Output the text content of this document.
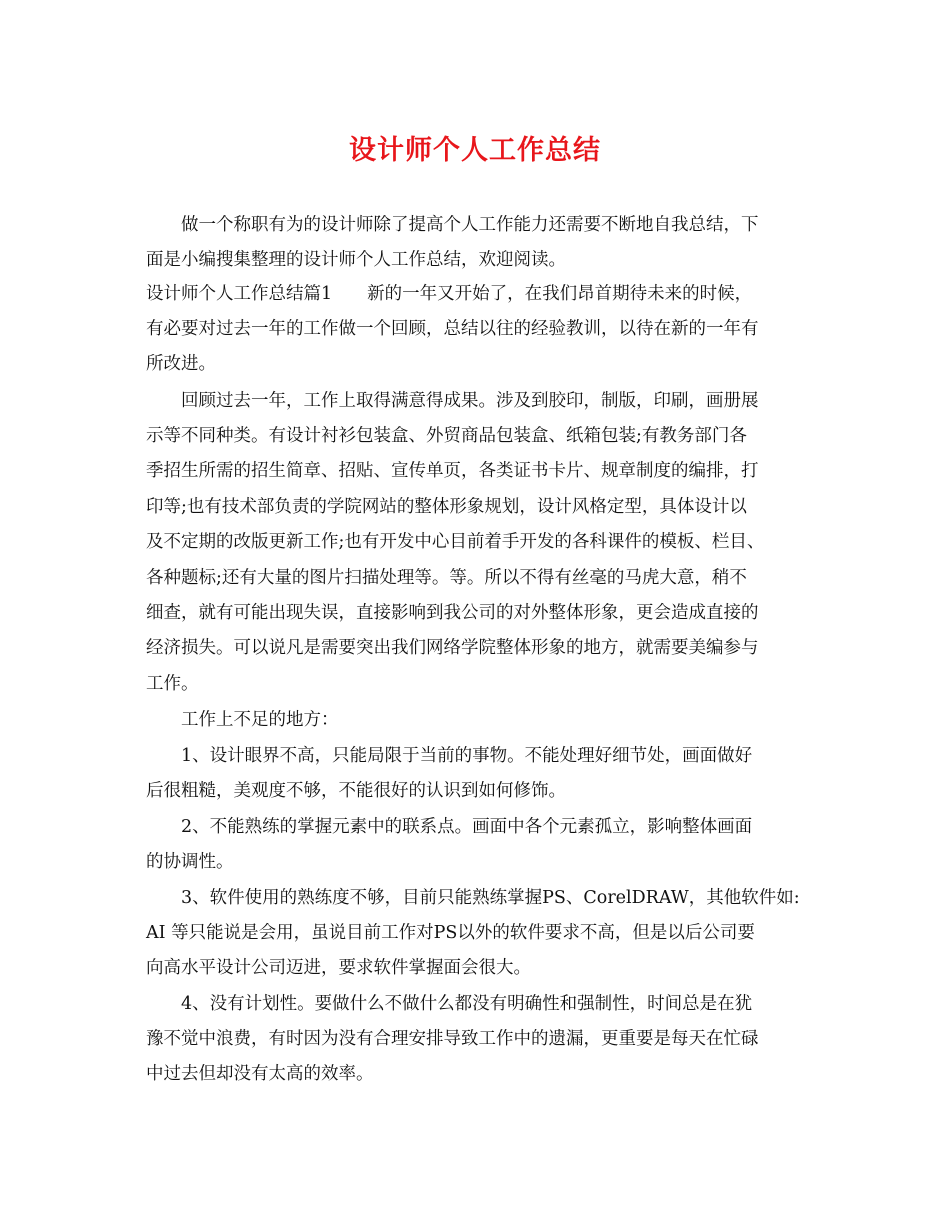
设计师个人工作总结
　　做一个称职有为的设计师除了提高个人工作能力还需要不断地自我总结，下
面是小编搜集整理的设计师个人工作总结，欢迎阅读。
设计师个人工作总结篇1　　新的一年又开始了，在我们昂首期待未来的时候，
有必要对过去一年的工作做一个回顾，总结以往的经验教训，以待在新的一年有
所改进。
　　回顾过去一年，工作上取得满意得成果。涉及到胶印，制版，印刷，画册展
示等不同种类。有设计衬衫包装盒、外贸商品包装盒、纸箱包装;有教务部门各
季招生所需的招生简章、招贴、宣传单页，各类证书卡片、规章制度的编排，打
印等;也有技术部负责的学院网站的整体形象规划，设计风格定型，具体设计以
及不定期的改版更新工作;也有开发中心目前着手开发的各科课件的模板、栏目、
各种题标;还有大量的图片扫描处理等。等。所以不得有丝毫的马虎大意，稍不
细查，就有可能出现失误，直接影响到我公司的对外整体形象，更会造成直接的
经济损失。可以说凡是需要突出我们网络学院整体形象的地方，就需要美编参与
工作。
　　工作上不足的地方：
　　1、设计眼界不高，只能局限于当前的事物。不能处理好细节处，画面做好
后很粗糙，美观度不够，不能很好的认识到如何修饰。
　　2、不能熟练的掌握元素中的联系点。画面中各个元素孤立，影响整体画面
的协调性。
　　3、软件使用的熟练度不够，目前只能熟练掌握PS、CorelDRAW，其他软件如:
AI 等只能说是会用，虽说目前工作对PS以外的软件要求不高，但是以后公司要
向高水平设计公司迈进，要求软件掌握面会很大。
　　4、没有计划性。要做什么不做什么都没有明确性和强制性，时间总是在犹
豫不觉中浪费，有时因为没有合理安排导致工作中的遗漏，更重要是每天在忙碌
中过去但却没有太高的效率。
